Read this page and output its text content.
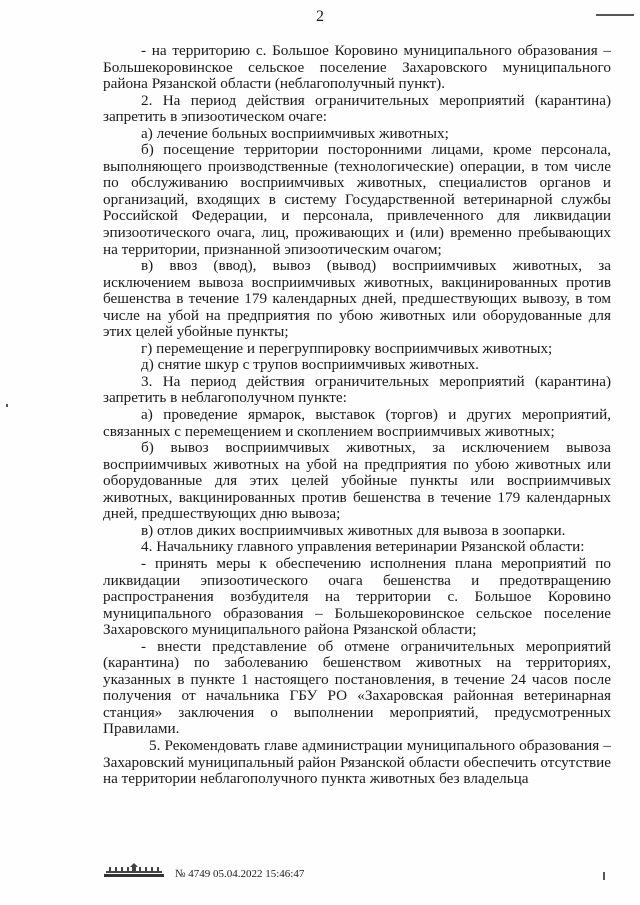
2

- на территорию с. Большое Коровино муниципального образования – Большекоровинское сельское поселение Захаровского муниципального района Рязанской области (неблагополучный пункт).

2. На период действия ограничительных мероприятий (карантина) запретить в эпизоотическом очаге:

а) лечение больных восприимчивых животных;

б) посещение территории посторонними лицами, кроме персонала, выполняющего производственные (технологические) операции, в том числе по обслуживанию восприимчивых животных, специалистов органов и организаций, входящих в систему Государственной ветеринарной службы Российской Федерации, и персонала, привлеченного для ликвидации эпизоотического очага, лиц, проживающих и (или) временно пребывающих на территории, признанной эпизоотическим очагом;

в) ввоз (ввод), вывоз (вывод) восприимчивых животных, за исключением вывоза восприимчивых животных, вакцинированных против бешенства в течение 179 календарных дней, предшествующих вывозу, в том числе на убой на предприятия по убою животных или оборудованные для этих целей убойные пункты;

г) перемещение и перегруппировку восприимчивых животных;

д) снятие шкур с трупов восприимчивых животных.

3. На период действия ограничительных мероприятий (карантина) запретить в неблагополучном пункте:

а) проведение ярмарок, выставок (торгов) и других мероприятий, связанных с перемещением и скоплением восприимчивых животных;

б) вывоз восприимчивых животных, за исключением вывоза восприимчивых животных на убой на предприятия по убою животных или оборудованные для этих целей убойные пункты или восприимчивых животных, вакцинированных против бешенства в течение 179 календарных дней, предшествующих дню вывоза;

в) отлов диких восприимчивых животных для вывоза в зоопарки.

4. Начальнику главного управления ветеринарии Рязанской области:

- принять меры к обеспечению исполнения плана мероприятий по ликвидации эпизоотического очага бешенства и предотвращению распространения возбудителя на территории с. Большое Коровино муниципального образования – Большекоровинское сельское поселение Захаровского муниципального района Рязанской области;

- внести представление об отмене ограничительных мероприятий (карантина) по заболеванию бешенством животных на территориях, указанных в пункте 1 настоящего постановления, в течение 24 часов после получения от начальника ГБУ РО «Захаровская районная ветеринарная станция» заключения о выполнении мероприятий, предусмотренных Правилами.

5. Рекомендовать главе администрации муниципального образования – Захаровский муниципальный район Рязанской области обеспечить отсутствие на территории неблагополучного пункта животных без владельца

№ 4749 05.04.2022 15:46:47
